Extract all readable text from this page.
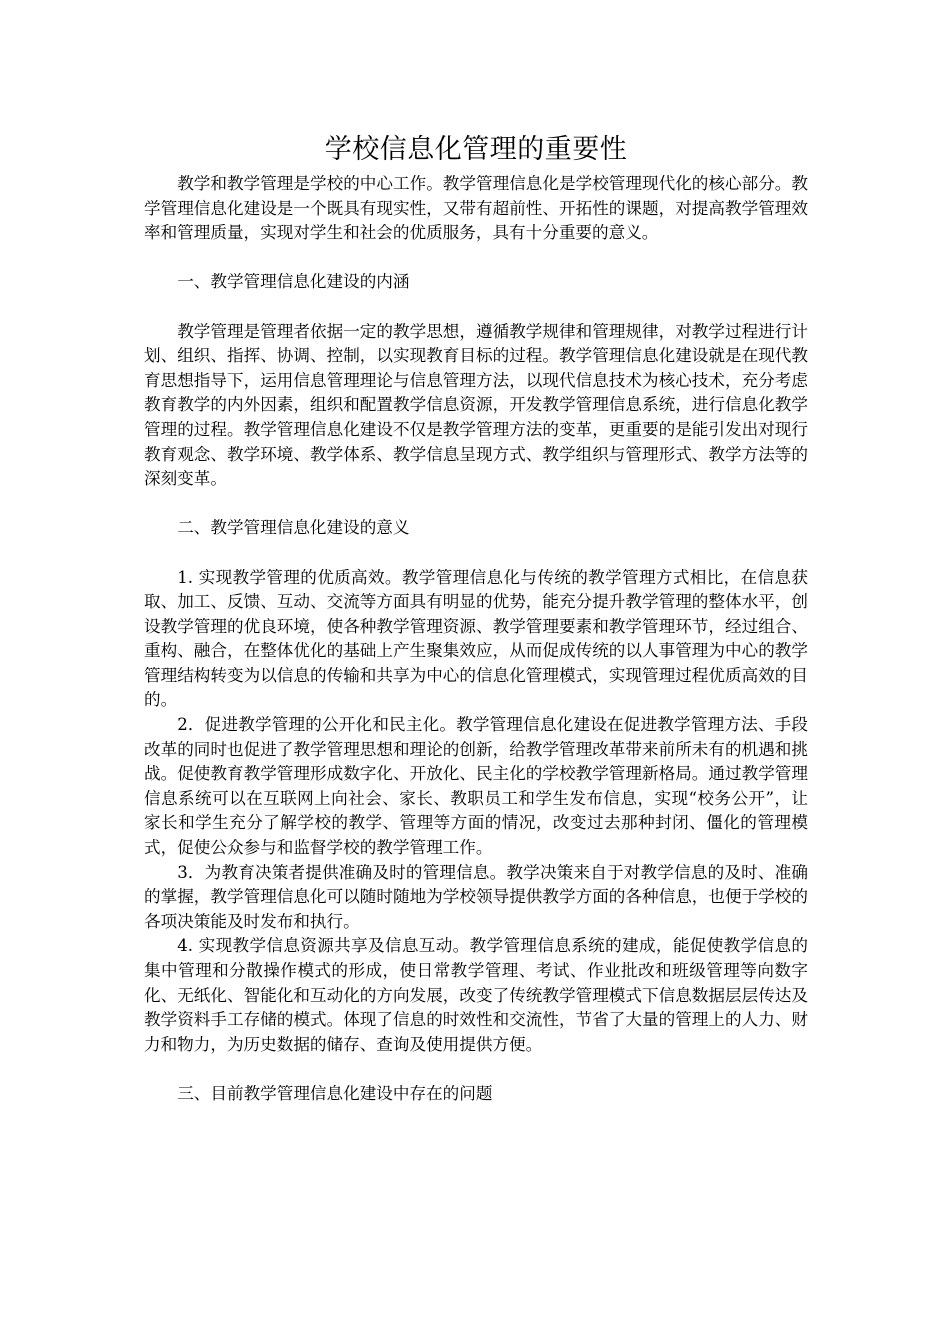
学校信息化管理的重要性

教学和教学管理是学校的中心工作。教学管理信息化是学校管理现代化的核心部分。教学管理信息化建设是一个既具有现实性，又带有超前性、开拓性的课题，对提高教学管理效率和管理质量，实现对学生和社会的优质服务，具有十分重要的意义。

一、教学管理信息化建设的内涵

教学管理是管理者依据一定的教学思想，遵循教学规律和管理规律，对教学过程进行计划、组织、指挥、协调、控制，以实现教育目标的过程。教学管理信息化建设就是在现代教育思想指导下，运用信息管理理论与信息管理方法，以现代信息技术为核心技术，充分考虑教育教学的内外因素，组织和配置教学信息资源，开发教学管理信息系统，进行信息化教学管理的过程。教学管理信息化建设不仅是教学管理方法的变革，更重要的是能引发出对现行教育观念、教学环境、教学体系、教学信息呈现方式、教学组织与管理形式、教学方法等的深刻变革。

二、教学管理信息化建设的意义

1. 实现教学管理的优质高效。教学管理信息化与传统的教学管理方式相比，在信息获取、加工、反馈、互动、交流等方面具有明显的优势，能充分提升教学管理的整体水平，创设教学管理的优良环境，使各种教学管理资源、教学管理要素和教学管理环节，经过组合、重构、融合，在整体优化的基础上产生聚集效应，从而促成传统的以人事管理为中心的教学管理结构转变为以信息的传输和共享为中心的信息化管理模式，实现管理过程优质高效的目的。

2．促进教学管理的公开化和民主化。教学管理信息化建设在促进教学管理方法、手段改革的同时也促进了教学管理思想和理论的创新，给教学管理改革带来前所未有的机遇和挑战。促使教育教学管理形成数字化、开放化、民主化的学校教学管理新格局。通过教学管理信息系统可以在互联网上向社会、家长、教职员工和学生发布信息，实现“校务公开”，让家长和学生充分了解学校的教学、管理等方面的情况，改变过去那种封闭、僵化的管理模式，促使公众参与和监督学校的教学管理工作。

3．为教育决策者提供准确及时的管理信息。教学决策来自于对教学信息的及时、准确的掌握，教学管理信息化可以随时随地为学校领导提供教学方面的各种信息，也便于学校的各项决策能及时发布和执行。

4. 实现教学信息资源共享及信息互动。教学管理信息系统的建成，能促使教学信息的集中管理和分散操作模式的形成，使日常教学管理、考试、作业批改和班级管理等向数字化、无纸化、智能化和互动化的方向发展，改变了传统教学管理模式下信息数据层层传达及教学资料手工存储的模式。体现了信息的时效性和交流性，节省了大量的管理上的人力、财力和物力，为历史数据的储存、查询及使用提供方便。

三、目前教学管理信息化建设中存在的问题
